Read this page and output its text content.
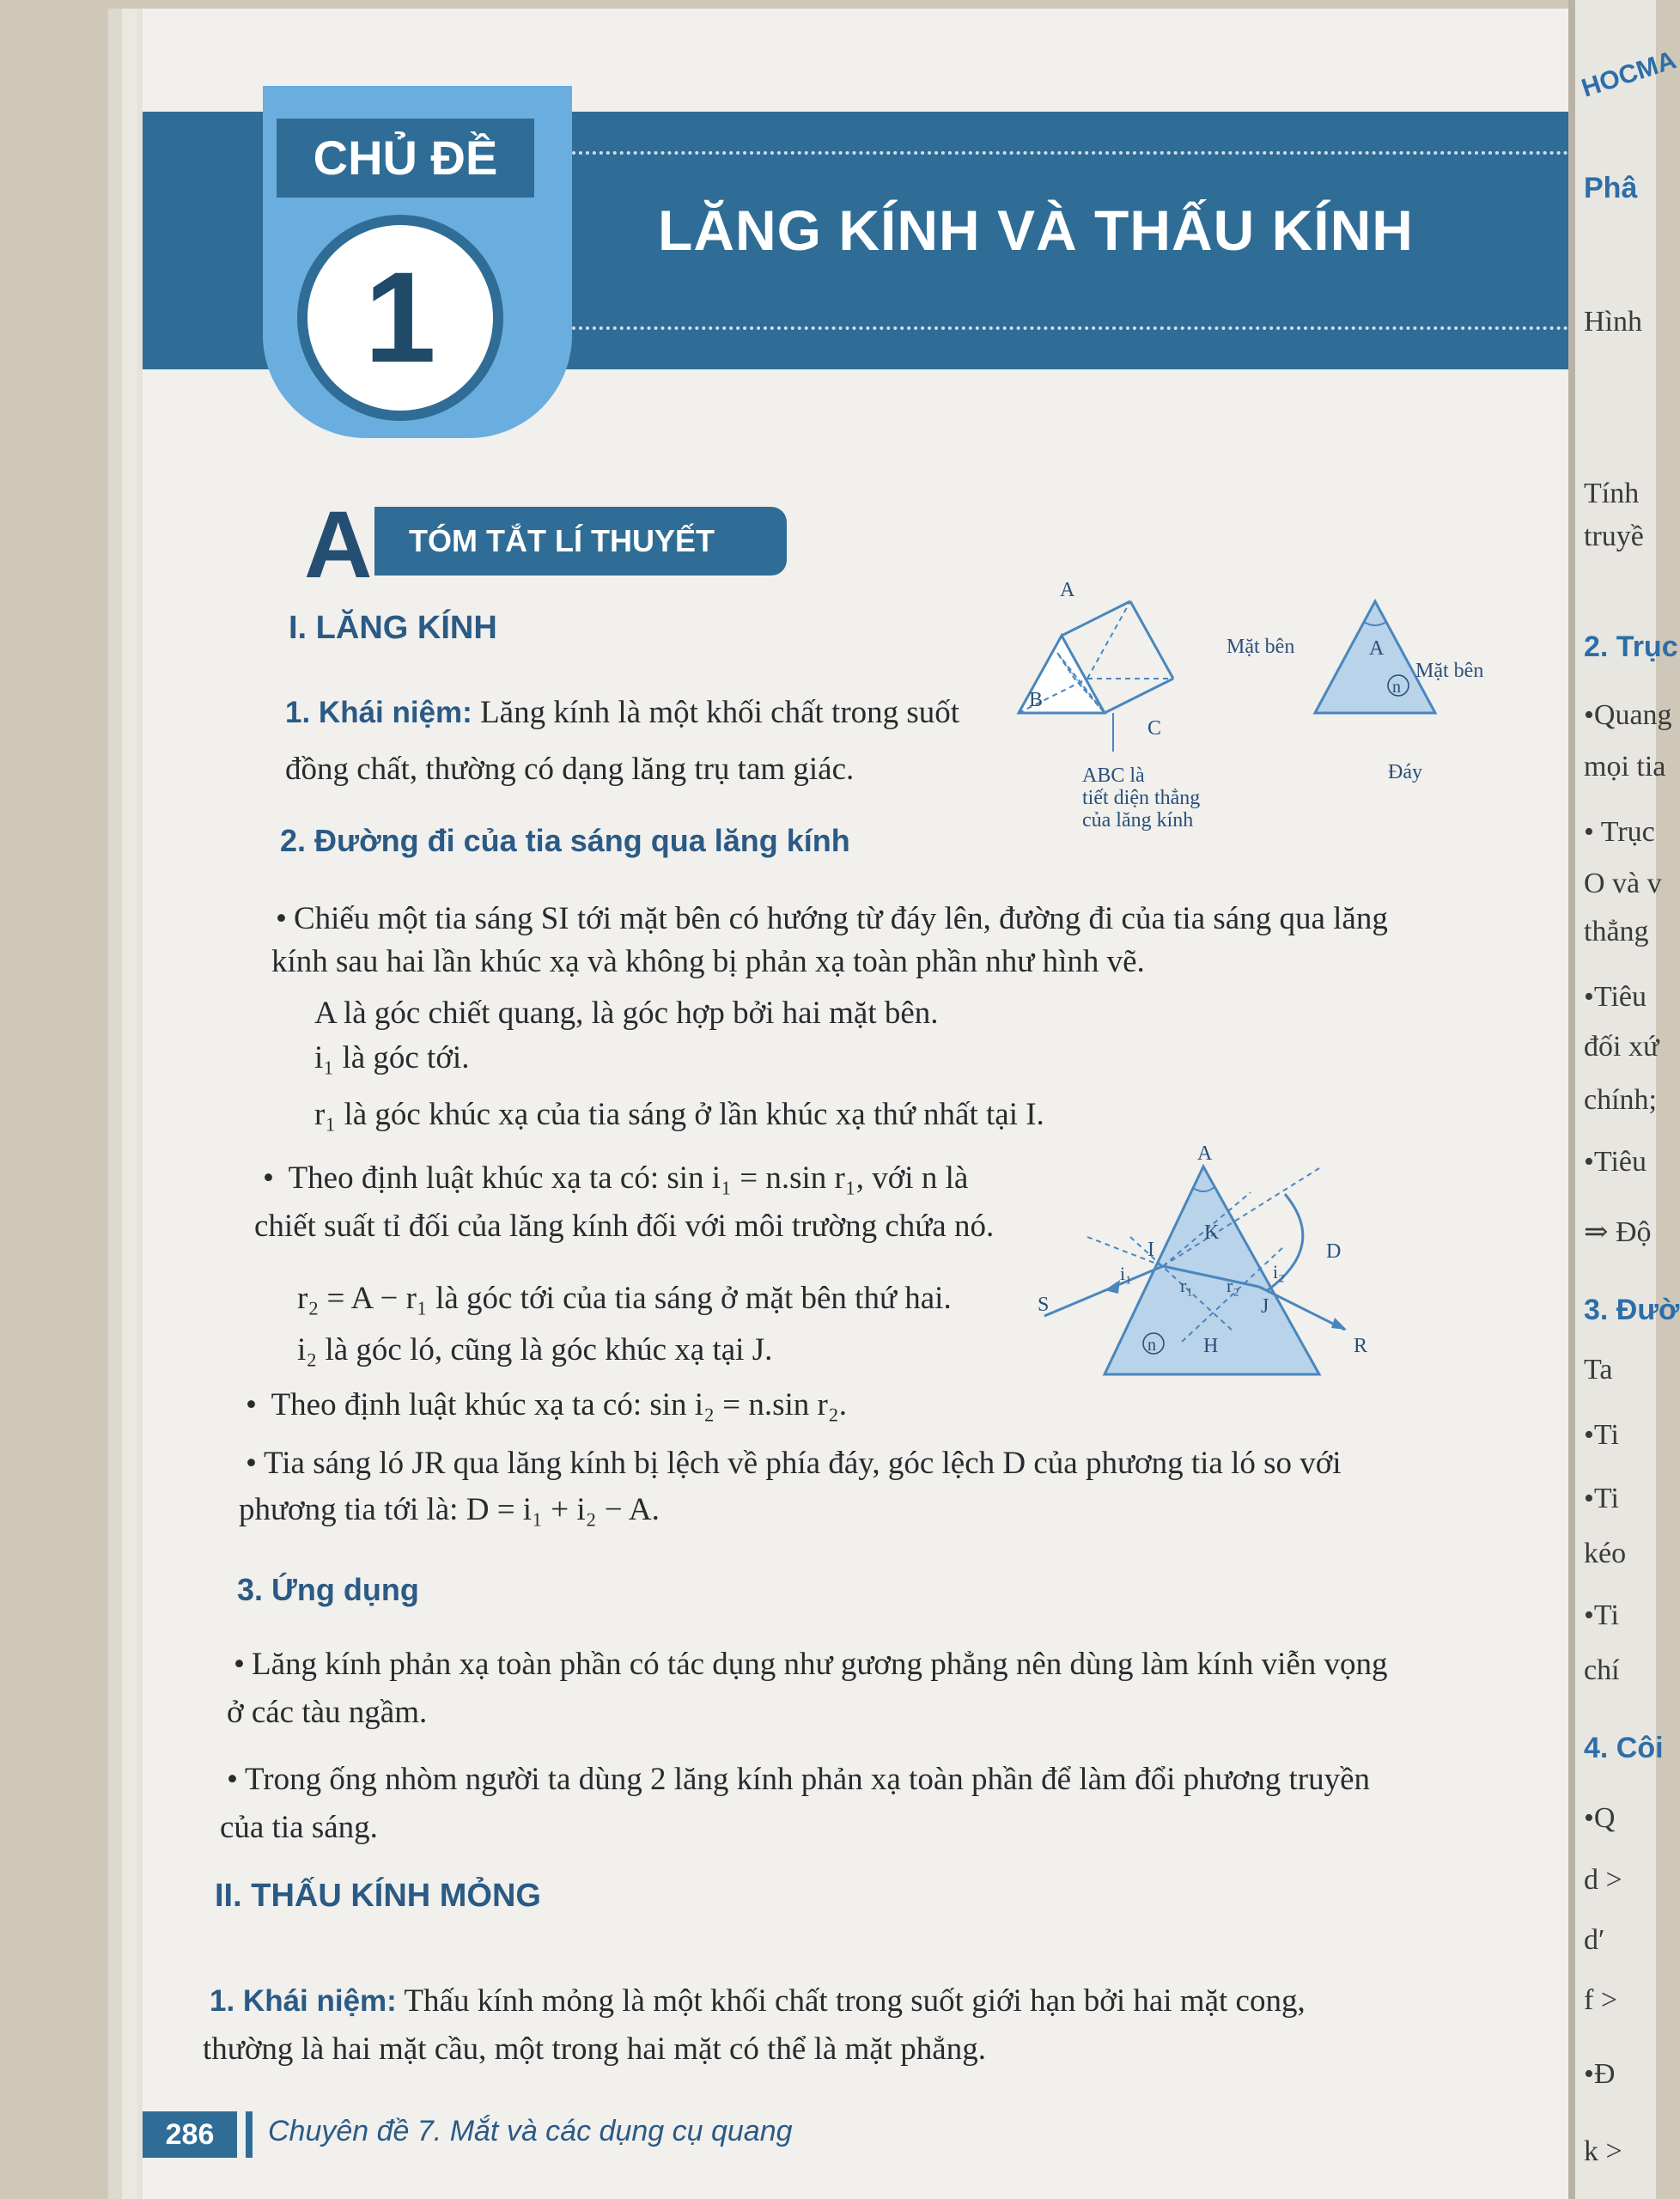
LĂNG KÍNH VÀ THẤU KÍNH
CHỦ ĐỀ
1
TÓM TẮT LÍ THUYẾT
A
I. LĂNG KÍNH
1. Khái niệm: Lăng kính là một khối chất trong suốt
đồng chất, thường có dạng lăng trụ tam giác.
A
B
C
ABC là
tiết diện thẳng
của lăng kính
A
n
Mặt bên
Mặt bên
Đáy
2. Đường đi của tia sáng qua lăng kính
• Chiếu một tia sáng SI tới mặt bên có hướng từ đáy lên, đường đi của tia sáng qua lăng
kính sau hai lần khúc xạ và không bị phản xạ toàn phần như hình vẽ.
A là góc chiết quang, là góc hợp bởi hai mặt bên.
i₁ là góc tới.
r₁ là góc khúc xạ của tia sáng ở lần khúc xạ thứ nhất tại I.
• Theo định luật khúc xạ ta có: sin i₁ = n.sin r₁, với n là
chiết suất tỉ đối của lăng kính đối với môi trường chứa nó.
r₂ = A − r₁ là góc tới của tia sáng ở mặt bên thứ hai.
i₂ là góc ló, cũng là góc khúc xạ tại J.
A
K
I
J
D
S
R
H
n
i₁
r₁ r₂
i₂
• Theo định luật khúc xạ ta có: sin i₂ = n.sin r₂.
• Tia sáng ló JR qua lăng kính bị lệch về phía đáy, góc lệch D của phương tia ló so với
phương tia tới là: D = i₁ + i₂ − A.
3. Ứng dụng
• Lăng kính phản xạ toàn phần có tác dụng như gương phẳng nên dùng làm kính viễn vọng
ở các tàu ngầm.
• Trong ống nhòm người ta dùng 2 lăng kính phản xạ toàn phần để làm đổi phương truyền
của tia sáng.
II. THẤU KÍNH MỎNG
1. Khái niệm: Thấu kính mỏng là một khối chất trong suốt giới hạn bởi hai mặt cong,
thường là hai mặt cầu, một trong hai mặt có thể là mặt phẳng.
286	Chuyên đề 7. Mắt và các dụng cụ quang
HOCMA
Phâ
Hình
Tính
truyề
2. Trục
•Quang
mọi tia
• Trục
O và v
thẳng
•Tiêu
đối xứ
chính;
•Tiêu
⇒ Độ
3. Đườ
Ta
•Ti
•Ti
kéo
•Ti
chí
4. Côi
•Q
d >
d′
f >
•Đ
k >
